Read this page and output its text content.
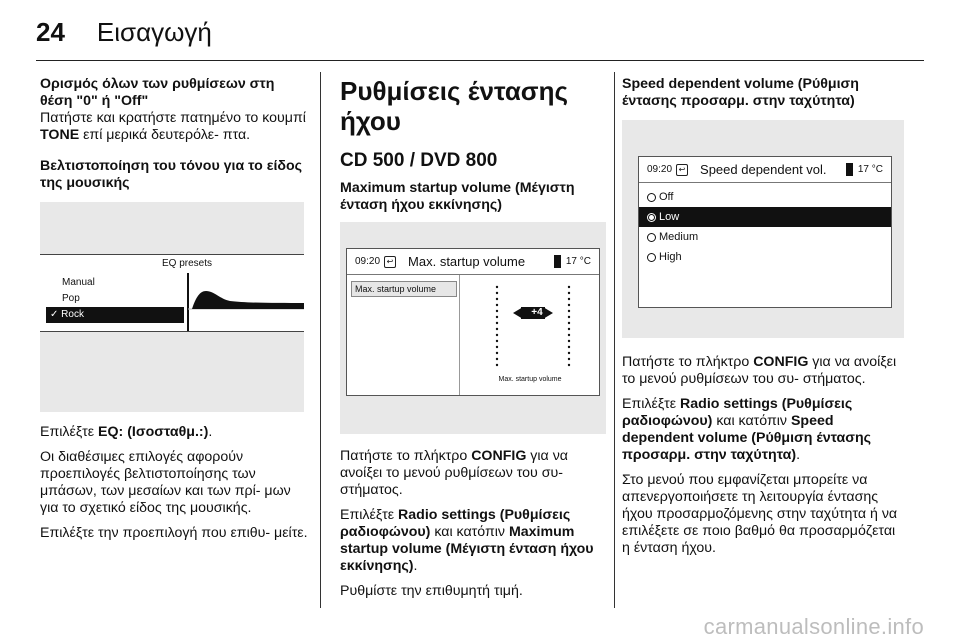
24 Εισαγωγή

Ορισμός όλων των ρυθμίσεων στη θέση "0" ή "Off"

Πατήστε και κρατήστε πατημένο το κουμπί TONE επί μερικά δευτερόλε- πτα.

Βελτιστοποίηση του τόνου για το είδος της μουσικής

EQ presets
Manual
Pop
✓ Rock

Επιλέξτε EQ: (Ισοσταθμ.:).

Οι διαθέσιμες επιλογές αφορούν προεπιλογές βελτιστοποίησης των μπάσων, των μεσαίων και των πρί- μων για το σχετικό είδος της μουσικής.

Επιλέξτε την προεπιλογή που επιθυ- μείτε.

Ρυθμίσεις έντασης ήχου
CD 500 / DVD 800

Maximum startup volume (Μέγιστη ένταση ήχου εκκίνησης)

09:20 ↩ Max. startup volume	17 °C
Max. startup volume
+4
Max. startup volume

Πατήστε το πλήκτρο CONFIG για να ανοίξει το μενού ρυθμίσεων του συ- στήματος.

Επιλέξτε Radio settings (Ρυθμίσεις ραδιοφώνου) και κατόπιν Maximum startup volume (Μέγιστη ένταση ήχου εκκίνησης).

Ρυθμίστε την επιθυμητή τιμή.

Speed dependent volume (Ρύθμιση έντασης προσαρμ. στην ταχύτητα)

09:20 ↩ Speed dependent vol.	17 °C
Off
Low
Medium
High

Πατήστε το πλήκτρο CONFIG για να ανοίξει το μενού ρυθμίσεων του συ- στήματος.

Επιλέξτε Radio settings (Ρυθμίσεις ραδιοφώνου) και κατόπιν Speed dependent volume (Ρύθμιση έντασης προσαρμ. στην ταχύτητα).

Στο μενού που εμφανίζεται μπορείτε να απενεργοποιήσετε τη λειτουργία έντασης ήχου προσαρμοζόμενης στην ταχύτητα ή να επιλέξετε σε ποιο βαθμό θα προσαρμόζεται η ένταση ήχου.

carmanualsonline.info
